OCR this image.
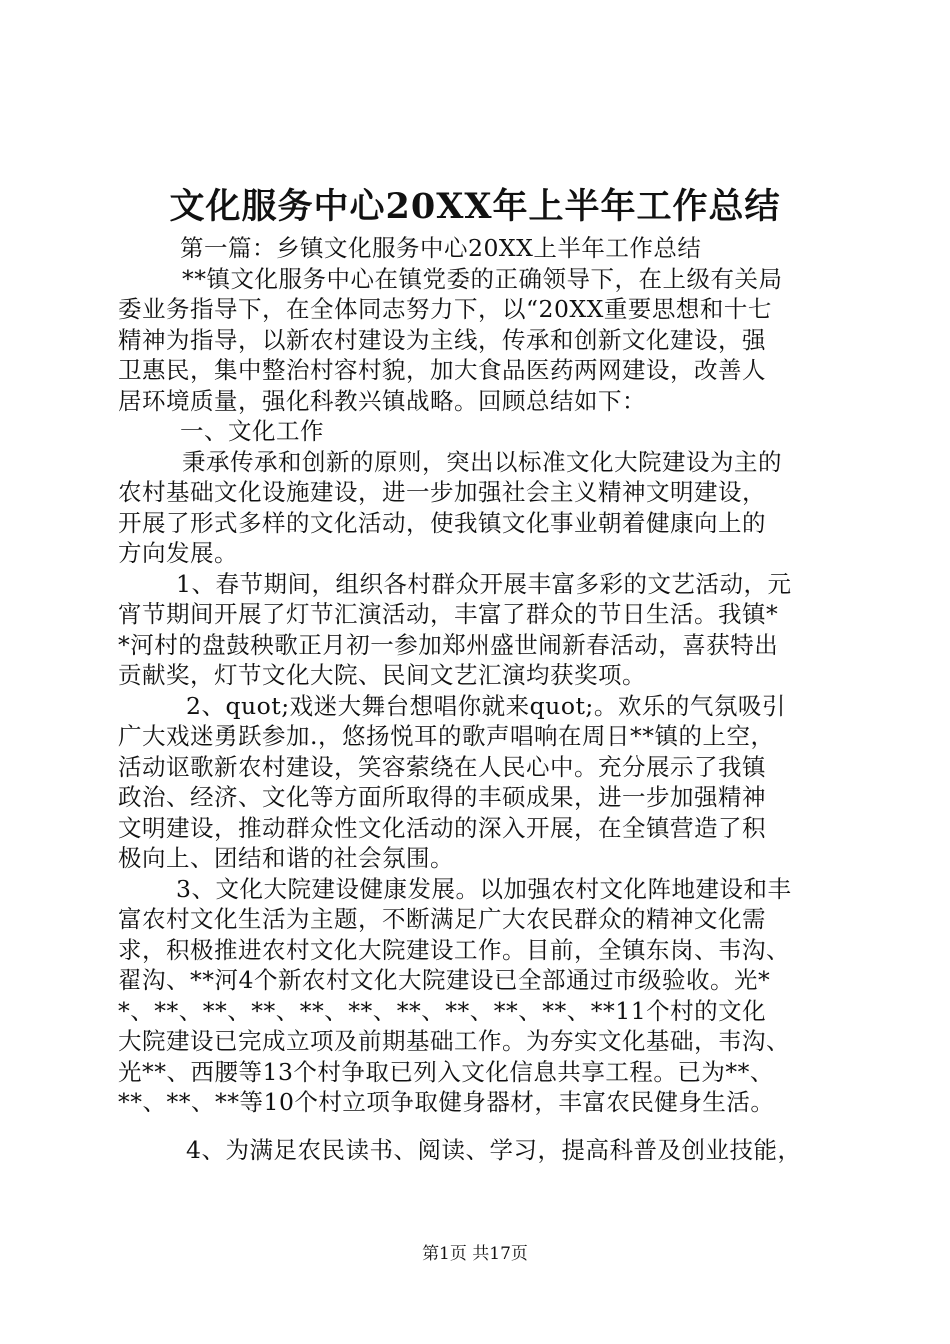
文化服务中心20XX年上半年工作总结
第一篇：乡镇文化服务中心20XX上半年工作总结
**镇文化服务中心在镇党委的正确领导下，在上级有关局
委业务指导下，在全体同志努力下，以“20XX重要思想和十七
精神为指导，以新农村建设为主线，传承和创新文化建设，强
卫惠民，集中整治村容村貌，加大食品医药两网建设，改善人
居环境质量，强化科教兴镇战略。回顾总结如下：
一、文化工作
秉承传承和创新的原则，突出以标准文化大院建设为主的
农村基础文化设施建设，进一步加强社会主义精神文明建设，
开展了形式多样的文化活动，使我镇文化事业朝着健康向上的
方向发展。
1、春节期间，组织各村群众开展丰富多彩的文艺活动，元
宵节期间开展了灯节汇演活动，丰富了群众的节日生活。我镇*
*河村的盘鼓秧歌正月初一参加郑州盛世闹新春活动，喜获特出
贡献奖，灯节文化大院、民间文艺汇演均获奖项。
2、quot;戏迷大舞台想唱你就来quot;。欢乐的气氛吸引
广大戏迷勇跃参加.，悠扬悦耳的歌声唱响在周日**镇的上空，
活动讴歌新农村建设，笑容萦绕在人民心中。充分展示了我镇
政治、经济、文化等方面所取得的丰硕成果，进一步加强精神
文明建设，推动群众性文化活动的深入开展，在全镇营造了积
极向上、团结和谐的社会氛围。
3、文化大院建设健康发展。以加强农村文化阵地建设和丰
富农村文化生活为主题，不断满足广大农民群众的精神文化需
求，积极推进农村文化大院建设工作。目前，全镇东岗、韦沟、
翟沟、**河4个新农村文化大院建设已全部通过市级验收。光*
*、**、**、**、**、**、**、**、**、**、**11个村的文化
大院建设已完成立项及前期基础工作。为夯实文化基础，韦沟、
光**、西腰等13个村争取已列入文化信息共享工程。已为**、
**、**、**等10个村立项争取健身器材，丰富农民健身生活。
4、为满足农民读书、阅读、学习，提高科普及创业技能，
第1页 共17页
